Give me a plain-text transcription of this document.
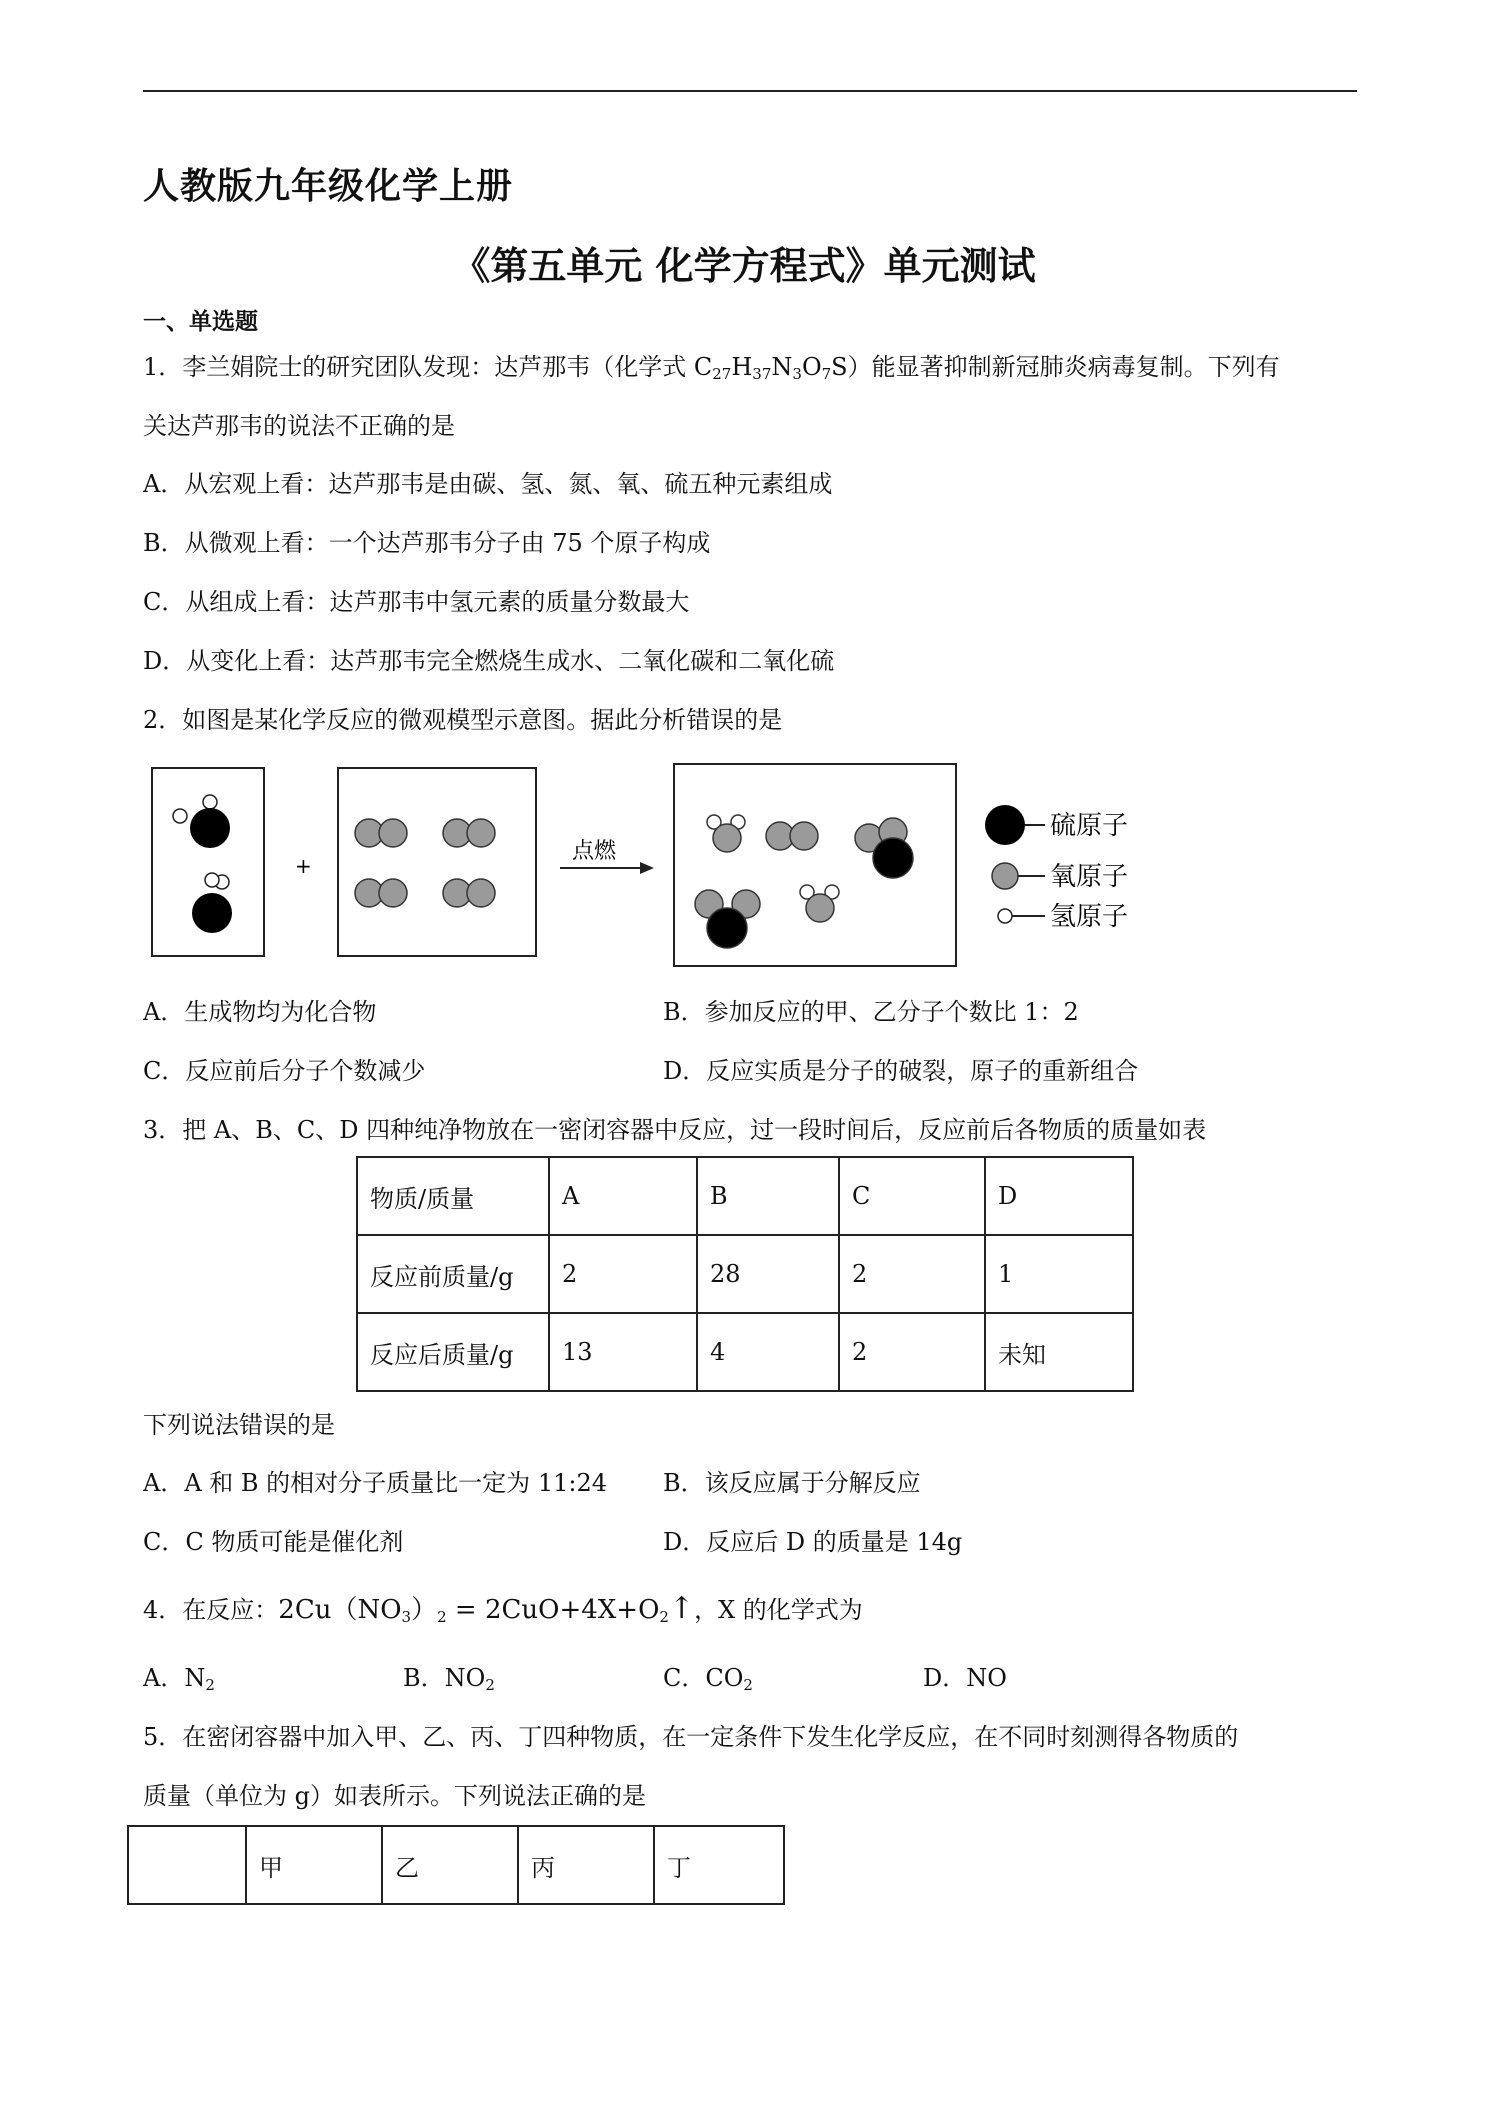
人教版九年级化学上册
《第五单元 化学方程式》单元测试
一、单选题
1．李兰娟院士的研究团队发现：达芦那韦（化学式 $C_{27}H_{37}N_3O_7S$）能显著抑制新冠肺炎病毒复制。下列有
关达芦那韦的说法不正确的是
A．从宏观上看：达芦那韦是由碳、氢、氮、氧、硫五种元素组成
B．从微观上看：一个达芦那韦分子由 75 个原子构成
C．从组成上看：达芦那韦中氢元素的质量分数最大
D．从变化上看：达芦那韦完全燃烧生成水、二氧化碳和二氧化硫
2．如图是某化学反应的微观模型示意图。据此分析错误的是
+
点燃
硫原子
氧原子
氢原子
A．生成物均为化合物	B．参加反应的甲、乙分子个数比 1：2
C．反应前后分子个数减少	D．反应实质是分子的破裂，原子的重新组合
3．把 A、B、C、D 四种纯净物放在一密闭容器中反应，过一段时间后，反应前后各物质的质量如表
物质/质量	A	B	C	D
反应前质量/g	2	28	2	1
反应后质量/g	13	4	2	未知
下列说法错误的是
A．A 和 B 的相对分子质量比一定为 11:24 B．该反应属于分解反应
C．C 物质可能是催化剂	D．反应后 D 的质量是 14g
4．在反应：$2Cu(NO_3)_2$ = $2CuO+4X+O_2↑$，X 的化学式为
A．$N_2$	B．$NO_2$	C．$CO_2$	D．NO
5．在密闭容器中加入甲、乙、丙、丁四种物质，在一定条件下发生化学反应，在不同时刻测得各物质的
质量（单位为 g）如表所示。下列说法正确的是
	甲	乙	丙	丁
